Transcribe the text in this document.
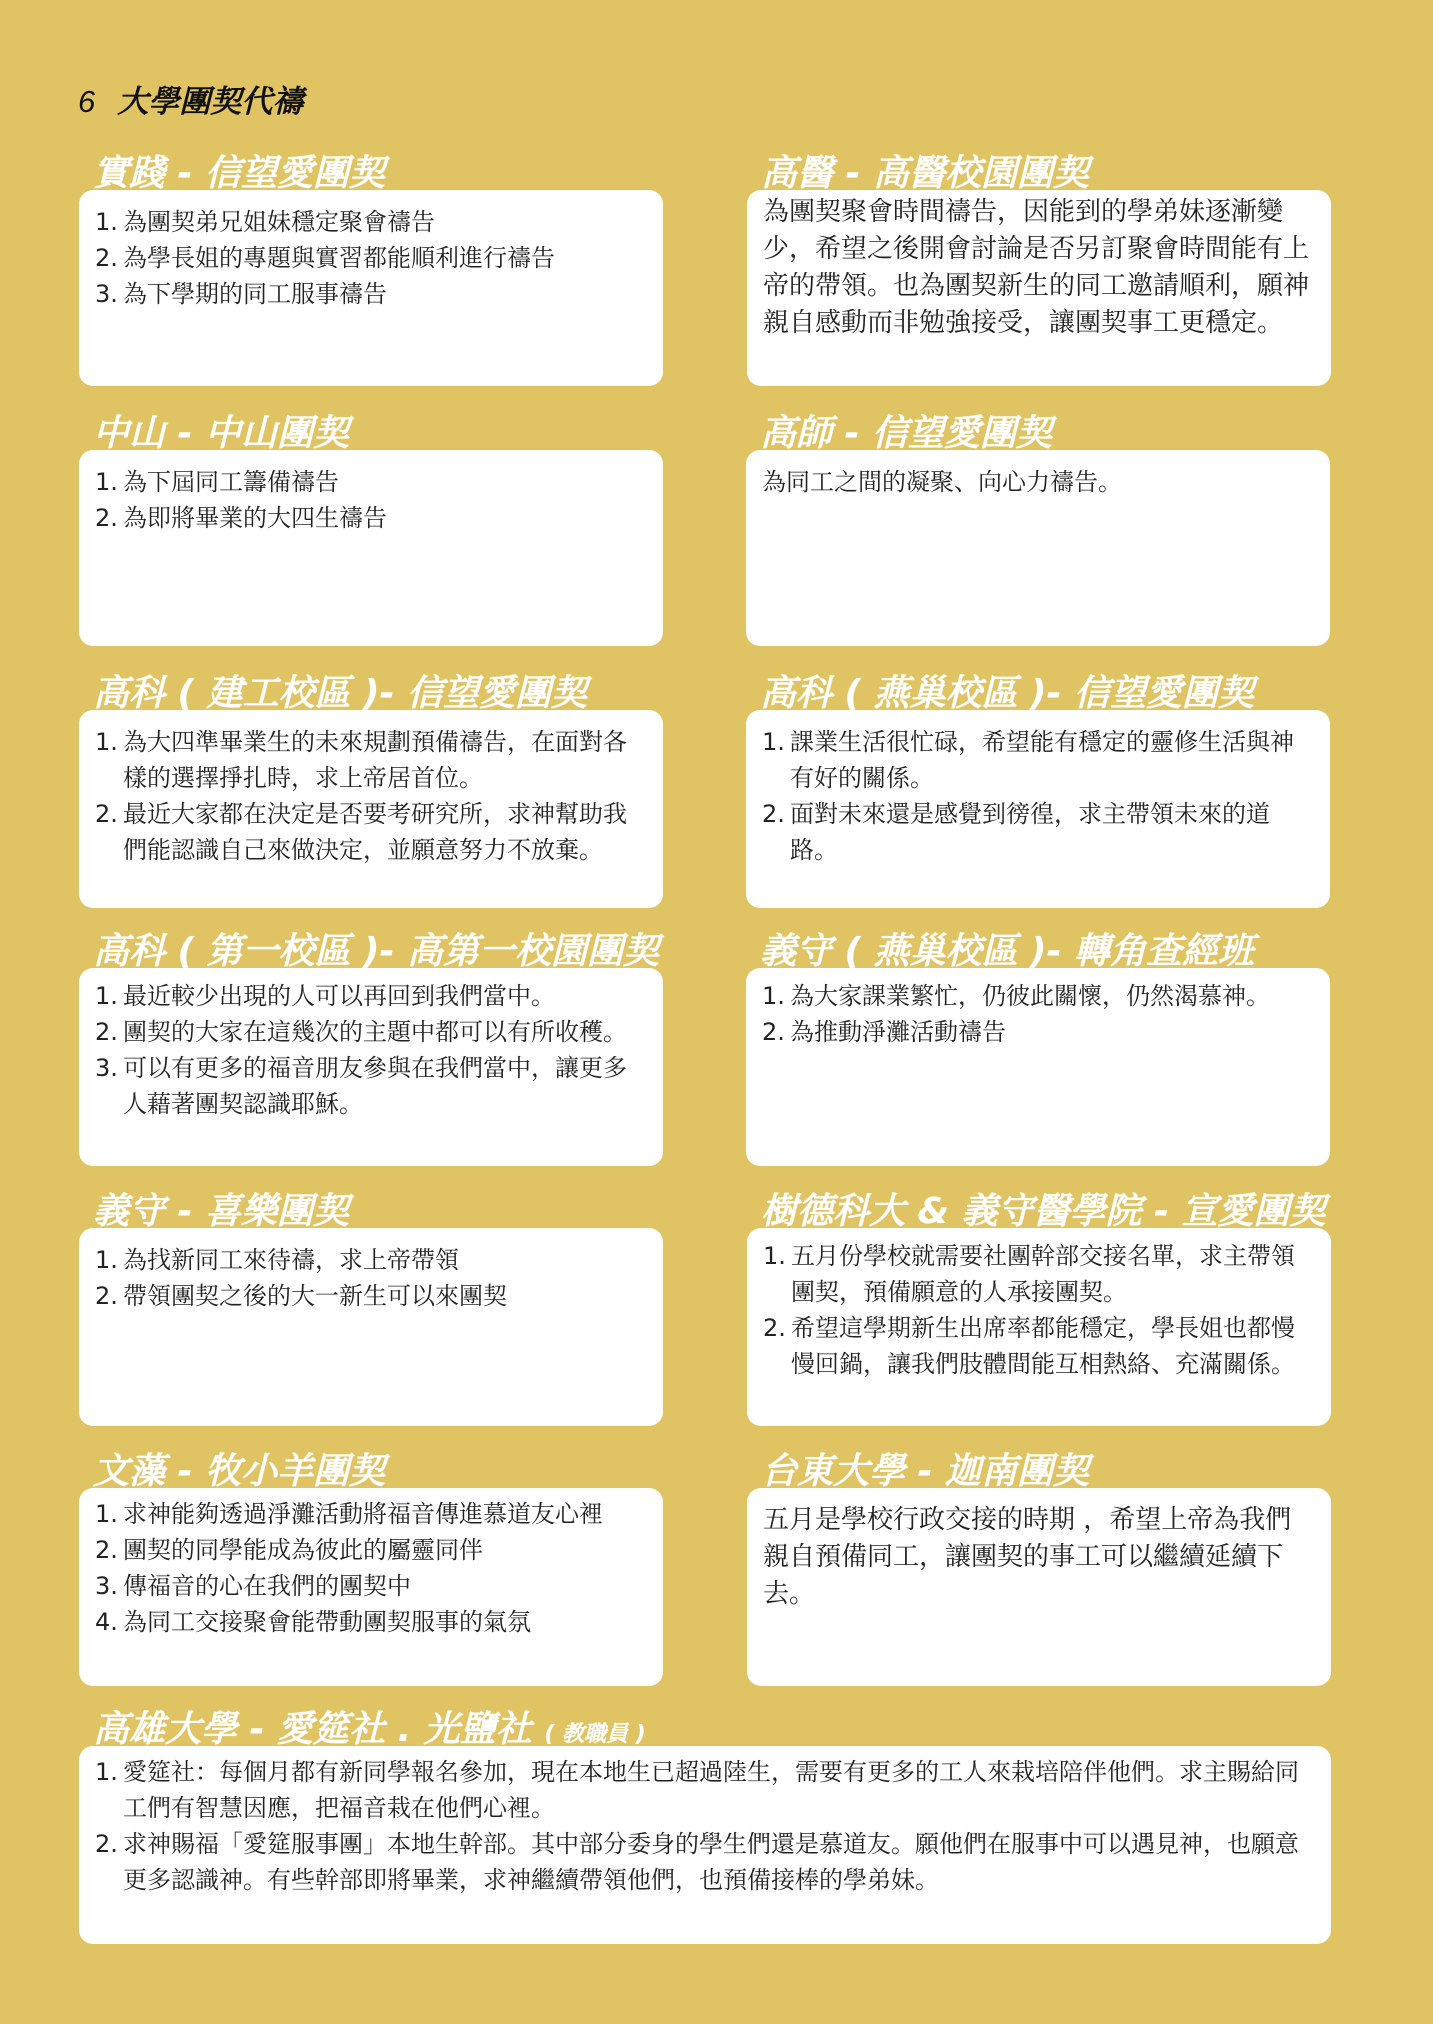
6 大學團契代禱
實踐 - 信望愛團契
1. 為團契弟兄姐妹穩定聚會禱告
2. 為學長姐的專題與實習都能順利進行禱告
3. 為下學期的同工服事禱告
高醫 - 高醫校園團契

為團契聚會時間禱告，因能到的學弟妹逐漸變少，希望之後開會討論是否另訂聚會時間能有上帝的帶領。也為團契新生的同工邀請順利，願神親自感動而非勉強接受，讓團契事工更穩定。

中山 - 中山團契
1. 為下屆同工籌備禱告
2. 為即將畢業的大四生禱告
高師 - 信望愛團契

為同工之間的凝聚、向心力禱告。

高科 ( 建工校區 )- 信望愛團契
1. 為大四準畢業生的未來規劃預備禱告，在面對各樣的選擇掙扎時，求上帝居首位。
2. 最近大家都在決定是否要考研究所，求神幫助我們能認識自己來做決定，並願意努力不放棄。
高科 ( 燕巢校區 )- 信望愛團契
1. 課業生活很忙碌，希望能有穩定的靈修生活與神有好的關係。
2. 面對未來還是感覺到徬徨，求主帶領未來的道路。
高科 ( 第一校區 )- 高第一校園團契
1. 最近較少出現的人可以再回到我們當中。
2. 團契的大家在這幾次的主題中都可以有所收穫。
3. 可以有更多的福音朋友參與在我們當中，讓更多人藉著團契認識耶穌。
義守 ( 燕巢校區 )- 轉角查經班
1. 為大家課業繁忙，仍彼此關懷，仍然渴慕神。
2. 為推動淨灘活動禱告
義守 - 喜樂團契
1. 為找新同工來待禱，求上帝帶領
2. 帶領團契之後的大一新生可以來團契
樹德科大 & 義守醫學院 - 宣愛團契
1. 五月份學校就需要社團幹部交接名單，求主帶領團契，預備願意的人承接團契。
2. 希望這學期新生出席率都能穩定，學長姐也都慢慢回鍋，讓我們肢體間能互相熱絡、充滿關係。
文藻 - 牧小羊團契
1. 求神能夠透過淨灘活動將福音傳進慕道友心裡
2. 團契的同學能成為彼此的屬靈同伴
3. 傳福音的心在我們的團契中
4. 為同工交接聚會能帶動團契服事的氣氛
台東大學 - 迦南團契

五月是學校行政交接的時期 ，希望上帝為我們親自預備同工，讓團契的事工可以繼續延續下去。

高雄大學 - 愛筵社 . 光鹽社 ( 教職員 )
1. 愛筵社：每個月都有新同學報名參加，現在本地生已超過陸生，需要有更多的工人來栽培陪伴他們。求主賜給同工們有智慧因應，把福音栽在他們心裡。
2. 求神賜福「愛筵服事團」本地生幹部。其中部分委身的學生們還是慕道友。願他們在服事中可以遇見神，也願意更多認識神。有些幹部即將畢業，求神繼續帶領他們，也預備接棒的學弟妹。
